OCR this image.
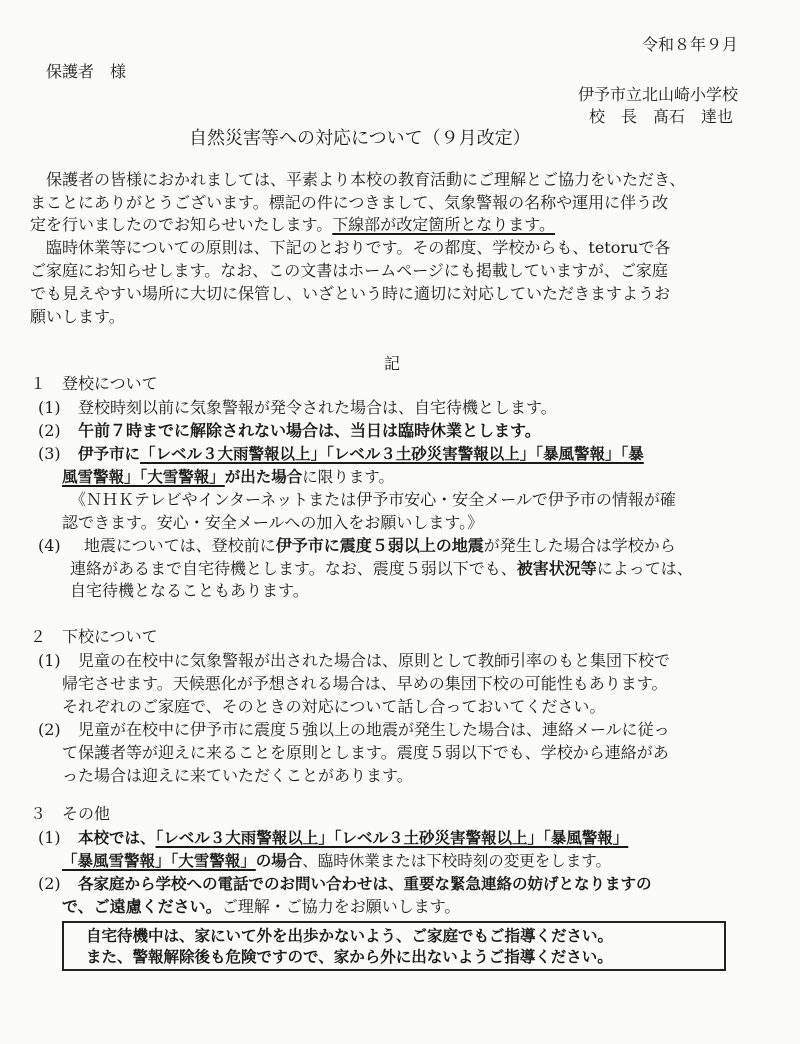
令和８年９月
保護者　様
伊予市立北山崎小学校
校　長　髙石　達也
自然災害等への対応について（９月改定）
保護者の皆様におかれましては、平素より本校の教育活動にご理解とご協力をいただき、
まことにありがとうございます。標記の件につきまして、気象警報の名称や運用に伴う改
定を行いましたのでお知らせいたします。下線部が改定箇所となります。
臨時休業等についての原則は、下記のとおりです。その都度、学校からも、tetoruで各
ご家庭にお知らせします。なお、この文書はホームページにも掲載していますが、ご家庭
でも見えやすい場所に大切に保管し、いざという時に適切に対応していただきますようお
願いします。
記
１　登校について
(1) 登校時刻以前に気象警報が発令された場合は、自宅待機とします。
(2) 午前７時までに解除されない場合は、当日は臨時休業とします。
(3) 伊予市に「レベル３大雨警報以上」「レベル３土砂災害警報以上」「暴風警報」「暴
風雪警報」「大雪警報」が出た場合に限ります。
《ＮＨＫテレビやインターネットまたは伊予市安心・安全メールで伊予市の情報が確
認できます。安心・安全メールへの加入をお願いします。》
(4) 地震については、登校前に伊予市に震度５弱以上の地震が発生した場合は学校から
連絡があるまで自宅待機とします。なお、震度５弱以下でも、被害状況等によっては、
自宅待機となることもあります。
２　下校について
(1) 児童の在校中に気象警報が出された場合は、原則として教師引率のもと集団下校で
帰宅させます。天候悪化が予想される場合は、早めの集団下校の可能性もあります。
それぞれのご家庭で、そのときの対応について話し合っておいてください。
(2) 児童が在校中に伊予市に震度５強以上の地震が発生した場合は、連絡メールに従っ
て保護者等が迎えに来ることを原則とします。震度５弱以下でも、学校から連絡があ
った場合は迎えに来ていただくことがあります。
３　その他
(1) 本校では、「レベル３大雨警報以上」「レベル３土砂災害警報以上」「暴風警報」
「暴風雪警報」「大雪警報」の場合、臨時休業または下校時刻の変更をします。
(2) 各家庭から学校への電話でのお問い合わせは、重要な緊急連絡の妨げとなりますの
で、ご遠慮ください。ご理解・ご協力をお願いします。
自宅待機中は、家にいて外を出歩かないよう、ご家庭でもご指導ください。
また、警報解除後も危険ですので、家から外に出ないようご指導ください。
